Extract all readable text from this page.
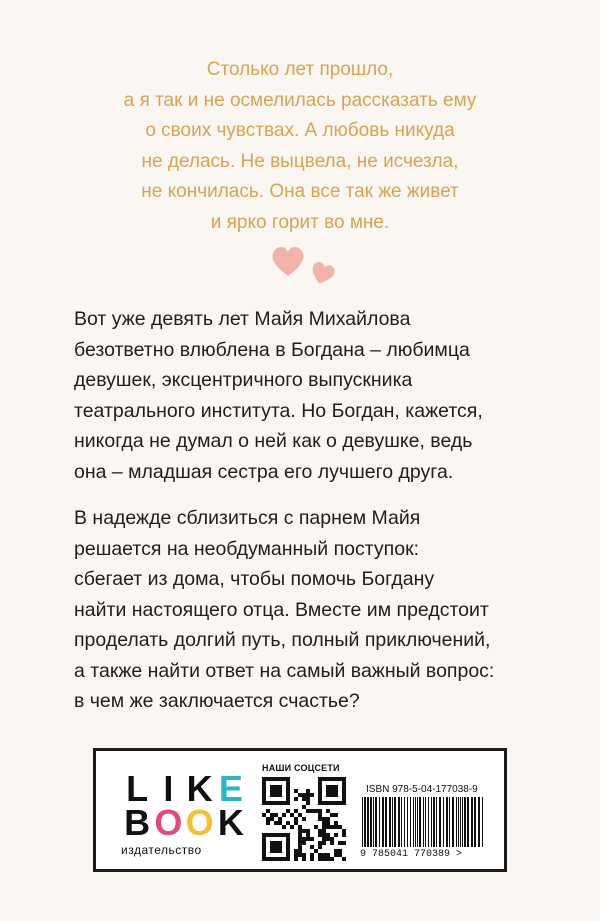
Столько лет прошло,
а я так и не осмелилась рассказать ему
о своих чувствах. А любовь никуда
не делась. Не выцвела, не исчезла,
не кончилась. Она все так же живет
и ярко горит во мне.
Вот уже девять лет Майя Михайлова
безответно влюблена в Богдана – любимца
девушек, эксцентричного выпускника
театрального института. Но Богдан, кажется,
никогда не думал о ней как о девушке, ведь
она – младшая сестра его лучшего друга.
В надежде сблизиться с парнем Майя
решается на необдуманный поступок:
сбегает из дома, чтобы помочь Богдану
найти настоящего отца. Вместе им предстоит
проделать долгий путь, полный приключений,
а также найти ответ на самый важный вопрос:
в чем же заключается счастье?
L I K E
B O O K
издательство
НАШИ СОЦСЕТИ
ISBN 978-5-04-177038-9
9 785041 770389 >
